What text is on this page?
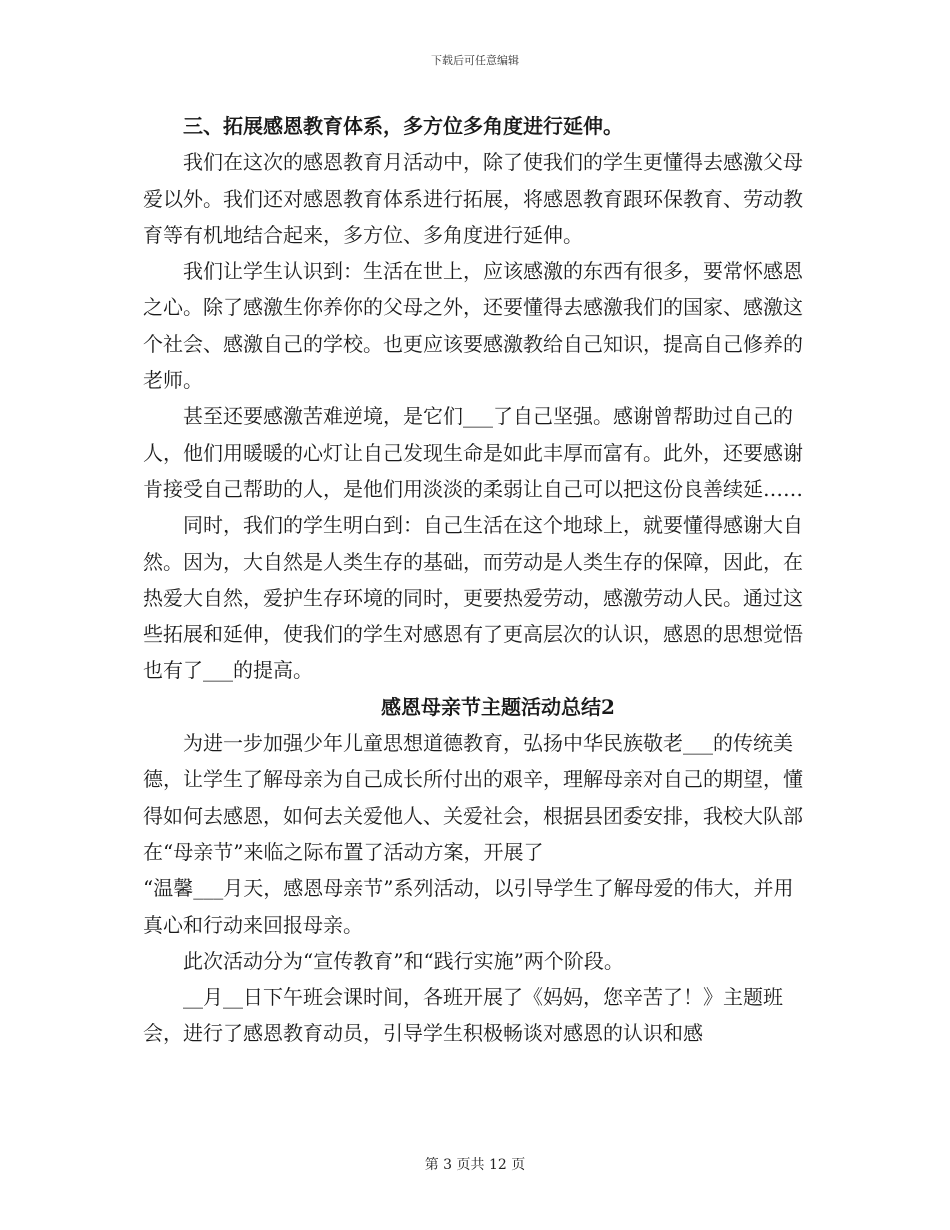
下载后可任意编辑

三、拓展感恩教育体系，多方位多角度进行延伸。

我们在这次的感恩教育月活动中，除了使我们的学生更懂得去感激父母爱以外。我们还对感恩教育体系进行拓展，将感恩教育跟环保教育、劳动教育等有机地结合起来，多方位、多角度进行延伸。

我们让学生认识到：生活在世上，应该感激的东西有很多，要常怀感恩之心。除了感激生你养你的父母之外，还要懂得去感激我们的国家、感激这个社会、感激自己的学校。也更应该要感激教给自己知识，提高自己修养的老师。

甚至还要感激苦难逆境，是它们___了自己坚强。感谢曾帮助过自己的人，他们用暖暖的心灯让自己发现生命是如此丰厚而富有。此外，还要感谢肯接受自己帮助的人，是他们用淡淡的柔弱让自己可以把这份良善续延……

同时，我们的学生明白到：自己生活在这个地球上，就要懂得感谢大自然。因为，大自然是人类生存的基础，而劳动是人类生存的保障，因此，在热爱大自然，爱护生存环境的同时，更要热爱劳动，感激劳动人民。通过这些拓展和延伸，使我们的学生对感恩有了更高层次的认识，感恩的思想觉悟也有了___的提高。

感恩母亲节主题活动总结2

为进一步加强少年儿童思想道德教育，弘扬中华民族敬老___的传统美德，让学生了解母亲为自己成长所付出的艰辛，理解母亲对自己的期望，懂得如何去感恩，如何去关爱他人、关爱社会，根据县团委安排，我校大队部在“母亲节”来临之际布置了活动方案，开展了

“温馨___月天，感恩母亲节”系列活动，以引导学生了解母爱的伟大，并用真心和行动来回报母亲。

此次活动分为“宣传教育”和“践行实施”两个阶段。

__月__日下午班会课时间，各班开展了《妈妈，您辛苦了！》主题班会，进行了感恩教育动员，引导学生积极畅谈对感恩的认识和感

第 3 页共 12 页
